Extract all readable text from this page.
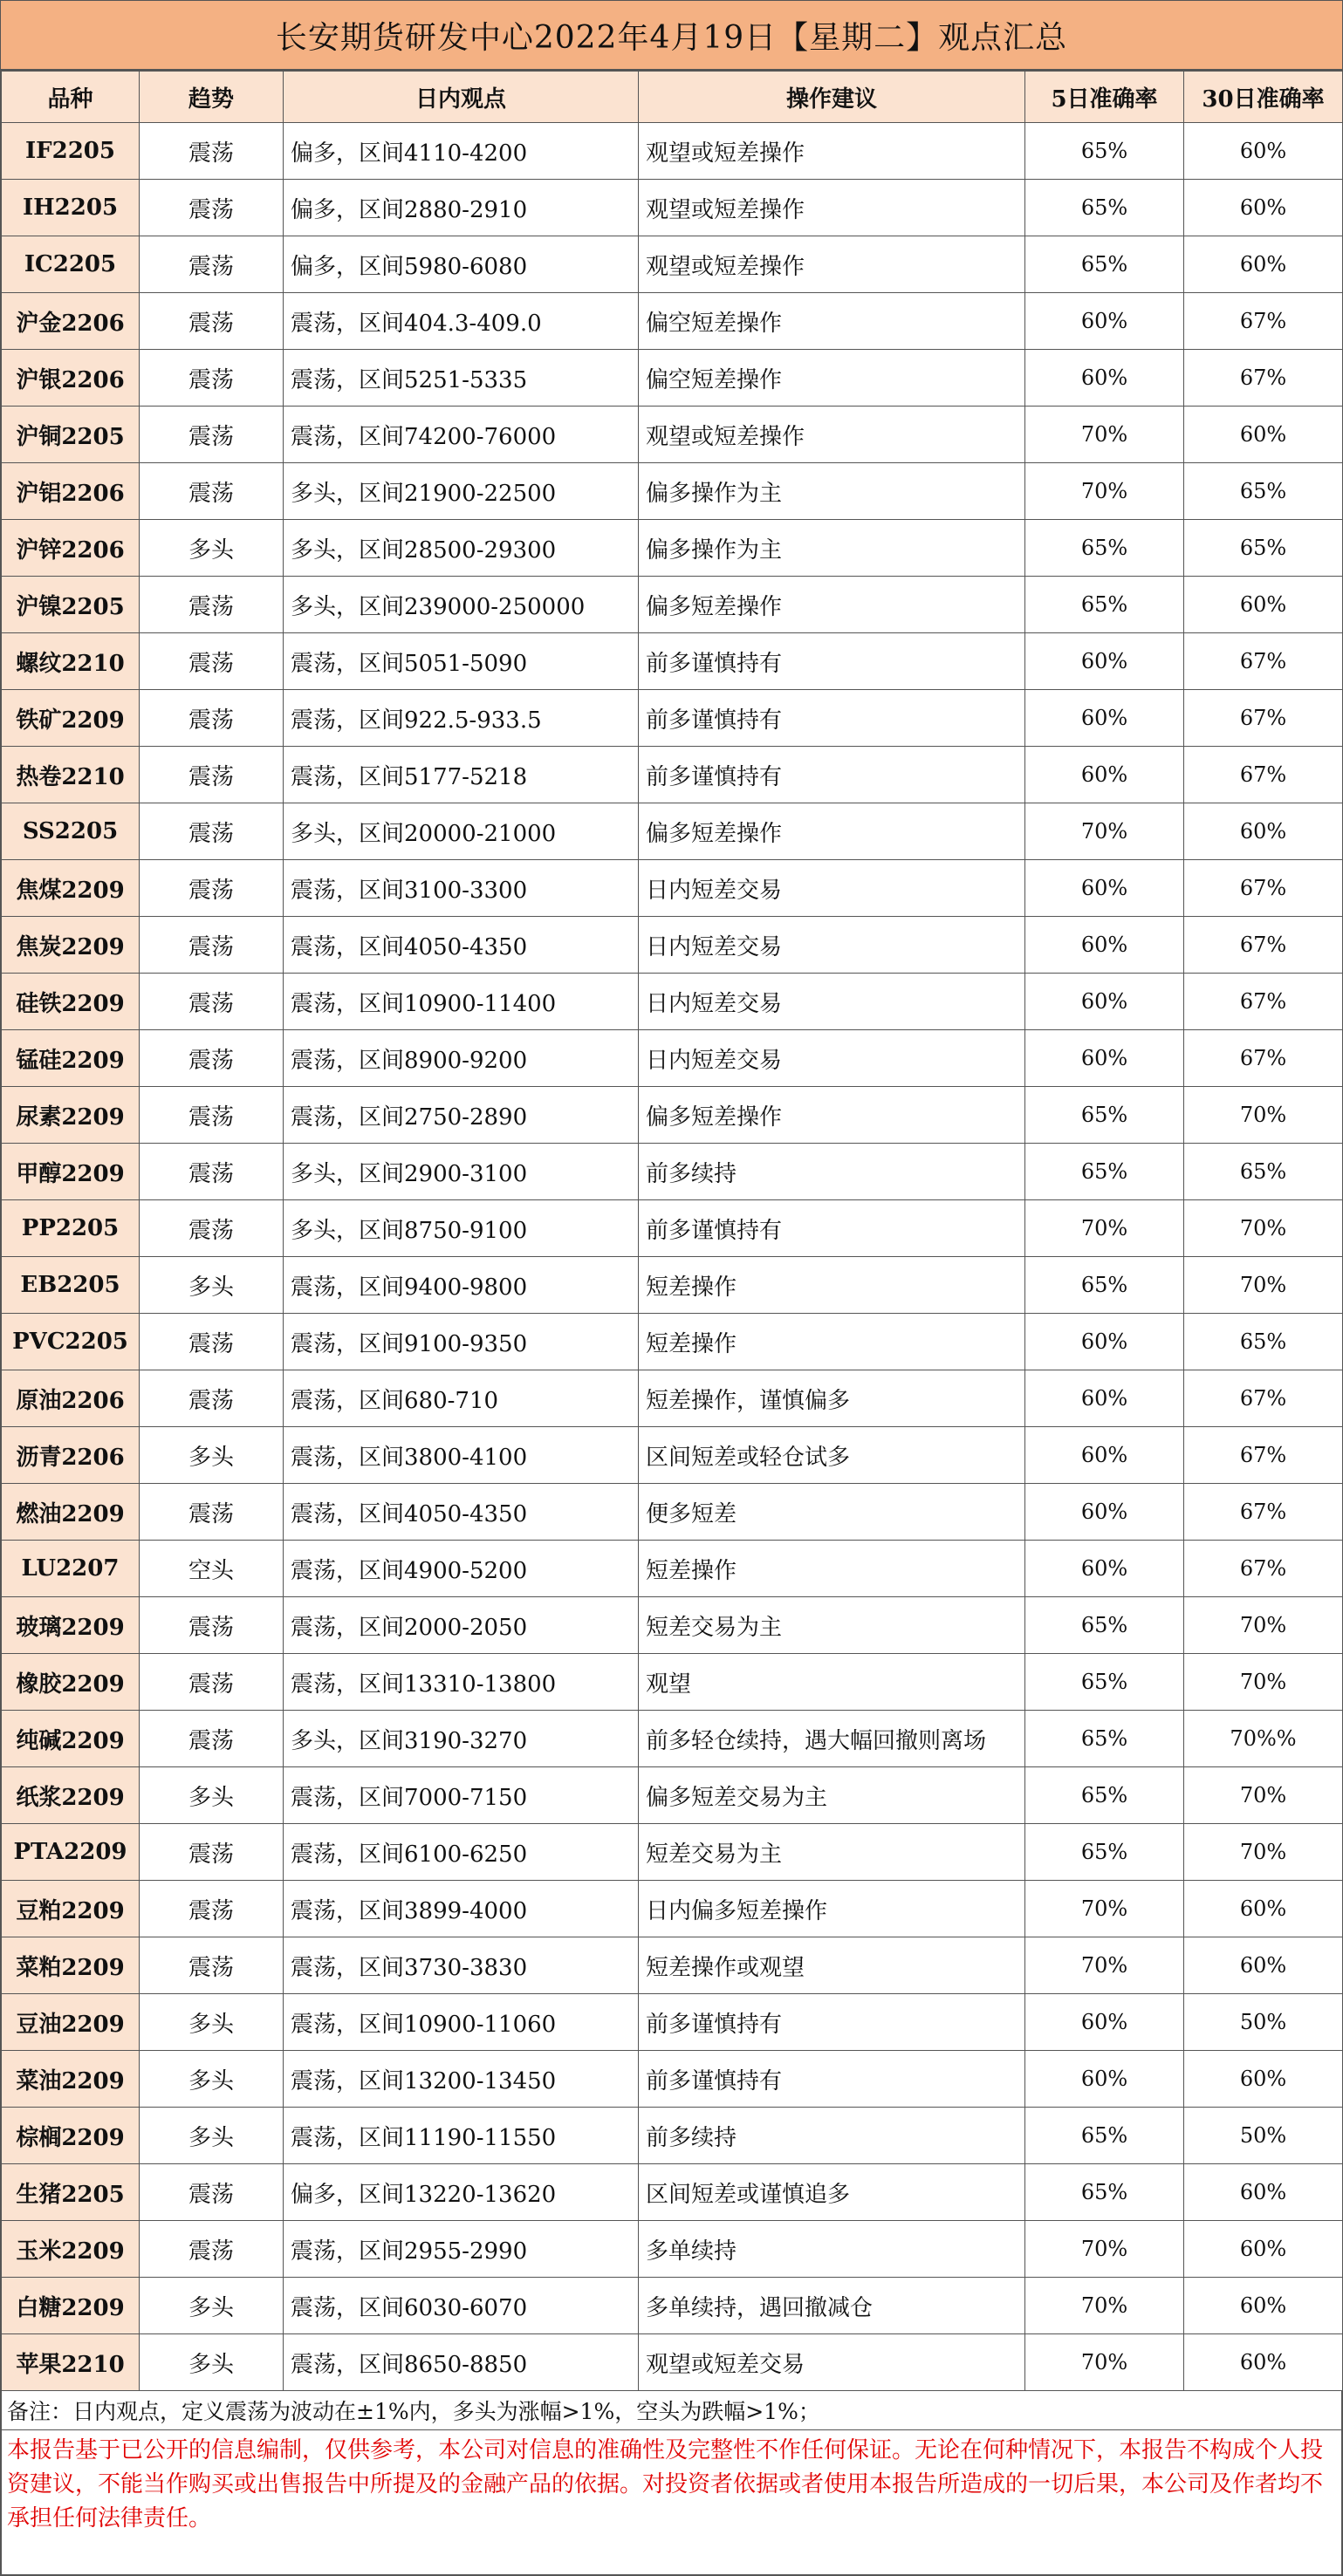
长安期货研发中心2022年4月19日【星期二】观点汇总
品种	趋势	日内观点	操作建议	5日准确率	30日准确率
IF2205	震荡	偏多，区间4110-4200	观望或短差操作	65%	60%
IH2205	震荡	偏多，区间2880-2910	观望或短差操作	65%	60%
IC2205	震荡	偏多，区间5980-6080	观望或短差操作	65%	60%
沪金2206	震荡	震荡，区间404.3-409.0	偏空短差操作	60%	67%
沪银2206	震荡	震荡，区间5251-5335	偏空短差操作	60%	67%
沪铜2205	震荡	震荡，区间74200-76000	观望或短差操作	70%	60%
沪铝2206	震荡	多头，区间21900-22500	偏多操作为主	70%	65%
沪锌2206	多头	多头，区间28500-29300	偏多操作为主	65%	65%
沪镍2205	震荡	多头，区间239000-250000	偏多短差操作	65%	60%
螺纹2210	震荡	震荡，区间5051-5090	前多谨慎持有	60%	67%
铁矿2209	震荡	震荡，区间922.5-933.5	前多谨慎持有	60%	67%
热卷2210	震荡	震荡，区间5177-5218	前多谨慎持有	60%	67%
SS2205	震荡	多头，区间20000-21000	偏多短差操作	70%	60%
焦煤2209	震荡	震荡，区间3100-3300	日内短差交易	60%	67%
焦炭2209	震荡	震荡，区间4050-4350	日内短差交易	60%	67%
硅铁2209	震荡	震荡，区间10900-11400	日内短差交易	60%	67%
锰硅2209	震荡	震荡，区间8900-9200	日内短差交易	60%	67%
尿素2209	震荡	震荡，区间2750-2890	偏多短差操作	65%	70%
甲醇2209	震荡	多头，区间2900-3100	前多续持	65%	65%
PP2205	震荡	多头，区间8750-9100	前多谨慎持有	70%	70%
EB2205	多头	震荡，区间9400-9800	短差操作	65%	70%
PVC2205	震荡	震荡，区间9100-9350	短差操作	60%	65%
原油2206	震荡	震荡，区间680-710	短差操作，谨慎偏多	60%	67%
沥青2206	多头	震荡，区间3800-4100	区间短差或轻仓试多	60%	67%
燃油2209	震荡	震荡，区间4050-4350	便多短差	60%	67%
LU2207	空头	震荡，区间4900-5200	短差操作	60%	67%
玻璃2209	震荡	震荡，区间2000-2050	短差交易为主	65%	70%
橡胶2209	震荡	震荡，区间13310-13800	观望	65%	70%
纯碱2209	震荡	多头，区间3190-3270	前多轻仓续持，遇大幅回撤则离场	65%	70%%
纸浆2209	多头	震荡，区间7000-7150	偏多短差交易为主	65%	70%
PTA2209	震荡	震荡，区间6100-6250	短差交易为主	65%	70%
豆粕2209	震荡	震荡，区间3899-4000	日内偏多短差操作	70%	60%
菜粕2209	震荡	震荡，区间3730-3830	短差操作或观望	70%	60%
豆油2209	多头	震荡，区间10900-11060	前多谨慎持有	60%	50%
菜油2209	多头	震荡，区间13200-13450	前多谨慎持有	60%	60%
棕榈2209	多头	震荡，区间11190-11550	前多续持	65%	50%
生猪2205	震荡	偏多，区间13220-13620	区间短差或谨慎追多	65%	60%
玉米2209	震荡	震荡，区间2955-2990	多单续持	70%	60%
白糖2209	多头	震荡，区间6030-6070	多单续持，遇回撤减仓	70%	60%
苹果2210	多头	震荡，区间8650-8850	观望或短差交易	70%	60%
备注：日内观点，定义震荡为波动在±1%内，多头为涨幅>1%，空头为跌幅>1%；
本报告基于已公开的信息编制，仅供参考，本公司对信息的准确性及完整性不作任何保证。无论在何种情况下，本报告不构成个人投资建议，不能当作购买或出售报告中所提及的金融产品的依据。对投资者依据或者使用本报告所造成的一切后果，本公司及作者均不承担任何法律责任。
